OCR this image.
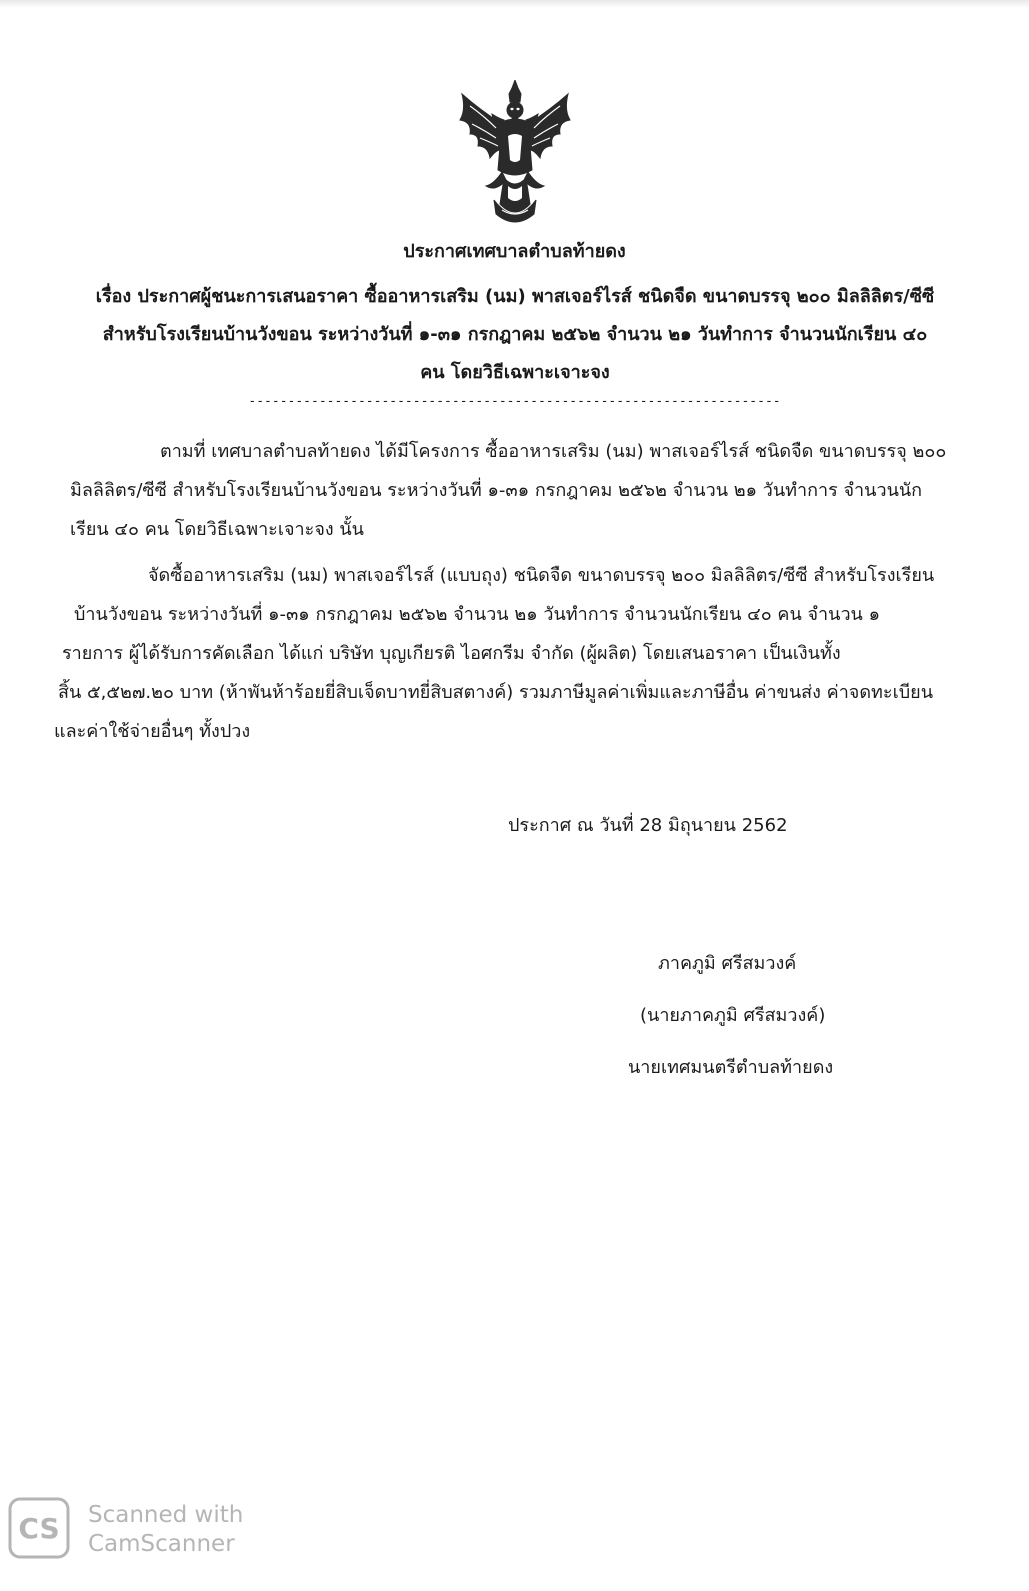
ประกาศเทศบาลตำบลท้ายดง
เรื่อง ประกาศผู้ชนะการเสนอราคา ซื้ออาหารเสริม (นม) พาสเจอร์ไรส์ ชนิดจืด ขนาดบรรจุ ๒๐๐ มิลลิลิตร/ซีซี
สำหรับโรงเรียนบ้านวังขอน ระหว่างวันที่ ๑-๓๑ กรกฎาคม ๒๕๖๒ จำนวน ๒๑ วันทำการ จำนวนนักเรียน ๔๐
คน โดยวิธีเฉพาะเจาะจง
--------------------------------------------------------------------
ตามที่ เทศบาลตำบลท้ายดง ได้มีโครงการ ซื้ออาหารเสริม (นม) พาสเจอร์ไรส์ ชนิดจืด ขนาดบรรจุ ๒๐๐
มิลลิลิตร/ซีซี สำหรับโรงเรียนบ้านวังขอน ระหว่างวันที่ ๑-๓๑ กรกฎาคม ๒๕๖๒ จำนวน ๒๑ วันทำการ จำนวนนัก
เรียน ๔๐ คน โดยวิธีเฉพาะเจาะจง นั้น
จัดซื้ออาหารเสริม (นม) พาสเจอร์ไรส์ (แบบถุง) ชนิดจืด ขนาดบรรจุ ๒๐๐ มิลลิลิตร/ซีซี สำหรับโรงเรียน
บ้านวังขอน ระหว่างวันที่ ๑-๓๑ กรกฎาคม ๒๕๖๒ จำนวน ๒๑ วันทำการ จำนวนนักเรียน ๔๐ คน จำนวน ๑
รายการ ผู้ได้รับการคัดเลือก ได้แก่ บริษัท บุญเกียรติ ไอศกรีม จำกัด (ผู้ผลิต) โดยเสนอราคา เป็นเงินทั้ง
สิ้น ๕,๕๒๗.๒๐ บาท (ห้าพันห้าร้อยยี่สิบเจ็ดบาทยี่สิบสตางค์) รวมภาษีมูลค่าเพิ่มและภาษีอื่น ค่าขนส่ง ค่าจดทะเบียน
และค่าใช้จ่ายอื่นๆ ทั้งปวง
ประกาศ ณ วันที่ 28 มิถุนายน 2562
ภาคภูมิ ศรีสมวงค์
(นายภาคภูมิ ศรีสมวงค์)
นายเทศมนตรีตำบลท้ายดง
CS Scanned with
CamScanner
